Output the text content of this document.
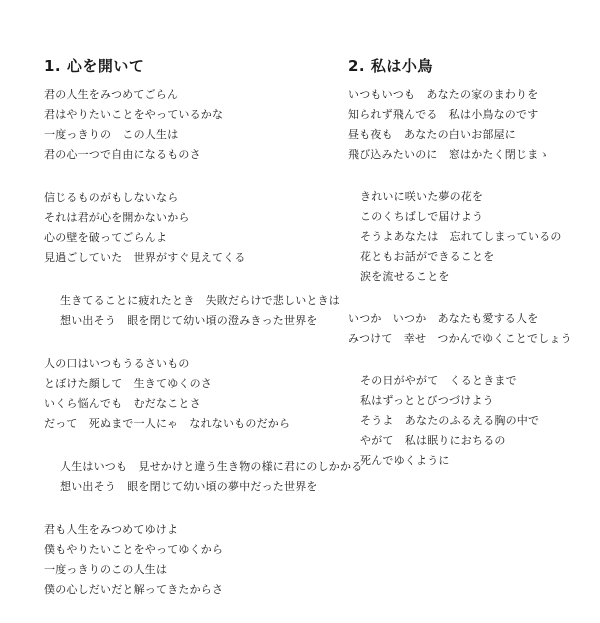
1. 心を開いて
君の人生をみつめてごらん
君はやりたいことをやっているかな
一度っきりの　この人生は
君の心一つで自由になるものさ
信じるものがもしないなら
それは君が心を開かないから
心の壁を破ってごらんよ
見過ごしていた　世界がすぐ見えてくる
生きてることに疲れたとき　失敗だらけで悲しいときは
想い出そう　眼を閉じて幼い頃の澄みきった世界を
人の口はいつもうるさいもの
とぼけた顔して　生きてゆくのさ
いくら悩んでも　むだなことさ
だって　死ぬまで一人にゃ　なれないものだから
人生はいつも　見せかけと違う生き物の様に君にのしかかる
想い出そう　眼を閉じて幼い頃の夢中だった世界を
君も人生をみつめてゆけよ
僕もやりたいことをやってゆくから
一度っきりのこの人生は
僕の心しだいだと解ってきたからさ
2. 私は小鳥
いつもいつも　あなたの家のまわりを
知られず飛んでる　私は小鳥なのです
昼も夜も　あなたの白いお部屋に
飛び込みたいのに　窓はかたく閉じまゝ
きれいに咲いた夢の花を
このくちばしで届けよう
そうよあなたは　忘れてしまっているの
花ともお話ができることを
涙を流せることを
いつか　いつか　あなたも愛する人を
みつけて　幸せ　つかんでゆくことでしょう
その日がやがて　くるときまで
私はずっととびつづけよう
そうよ　あなたのふるえる胸の中で
やがて　私は眠りにおちるの
死んでゆくように
